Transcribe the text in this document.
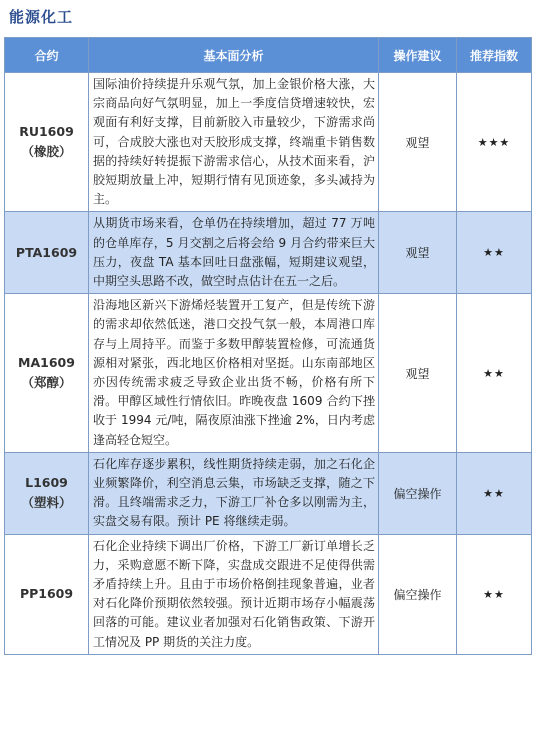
能源化工
合约	基本面分析	操作建议	推荐指数

RU1609
（橡胶）	国际油价持续提升乐观气氛，加上金银价格大涨，大宗商品向好气氛明显，加上一季度信贷增速较快，宏观面有利好支撑，目前新胶入市量较少，下游需求尚可，合成胶大涨也对天胶形成支撑，终端重卡销售数据的持续好转提振下游需求信心，从技术面来看，沪胶短期放量上冲，短期行情有见顶迹象，多头减持为主。	观望	★★★

PTA1609	从期货市场来看，仓单仍在持续增加，超过 77 万吨的仓单库存，5 月交割之后将会给 9 月合约带来巨大压力，夜盘 TA 基本回吐日盘涨幅，短期建议观望，中期空头思路不改，做空时点估计在五一之后。	观望	★★

MA1609
（郑醇）	沿海地区新兴下游烯烃装置开工复产，但是传统下游的需求却依然低迷，港口交投气氛一般，本周港口库存与上周持平。而鉴于多数甲醇装置检修，可流通货源相对紧张，西北地区价格相对坚挺。山东南部地区亦因传统需求疲乏导致企业出货不畅，价格有所下滑。甲醇区域性行情依旧。昨晚夜盘 1609 合约下挫 收于 1994 元/吨，隔夜原油涨下挫逾 2%，日内考虑逢高轻仓短空。	观望	★★

L1609
（塑料）	石化库存逐步累积，线性期货持续走弱，加之石化企业频繁降价，利空消息云集，市场缺乏支撑，随之下滑。且终端需求乏力，下游工厂补仓多以刚需为主，实盘交易有限。预计 PE 将继续走弱。	偏空操作	★★

PP1609	石化企业持续下调出厂价格，下游工厂新订单增长乏力，采购意愿不断下降，实盘成交跟进不足使得供需矛盾持续上升。且由于市场价格倒挂现象普遍，业者对石化降价预期依然较强。预计近期市场存小幅震荡回落的可能。建议业者加强对石化销售政策、下游开工情况及 PP 期货的关注力度。	偏空操作	★★
